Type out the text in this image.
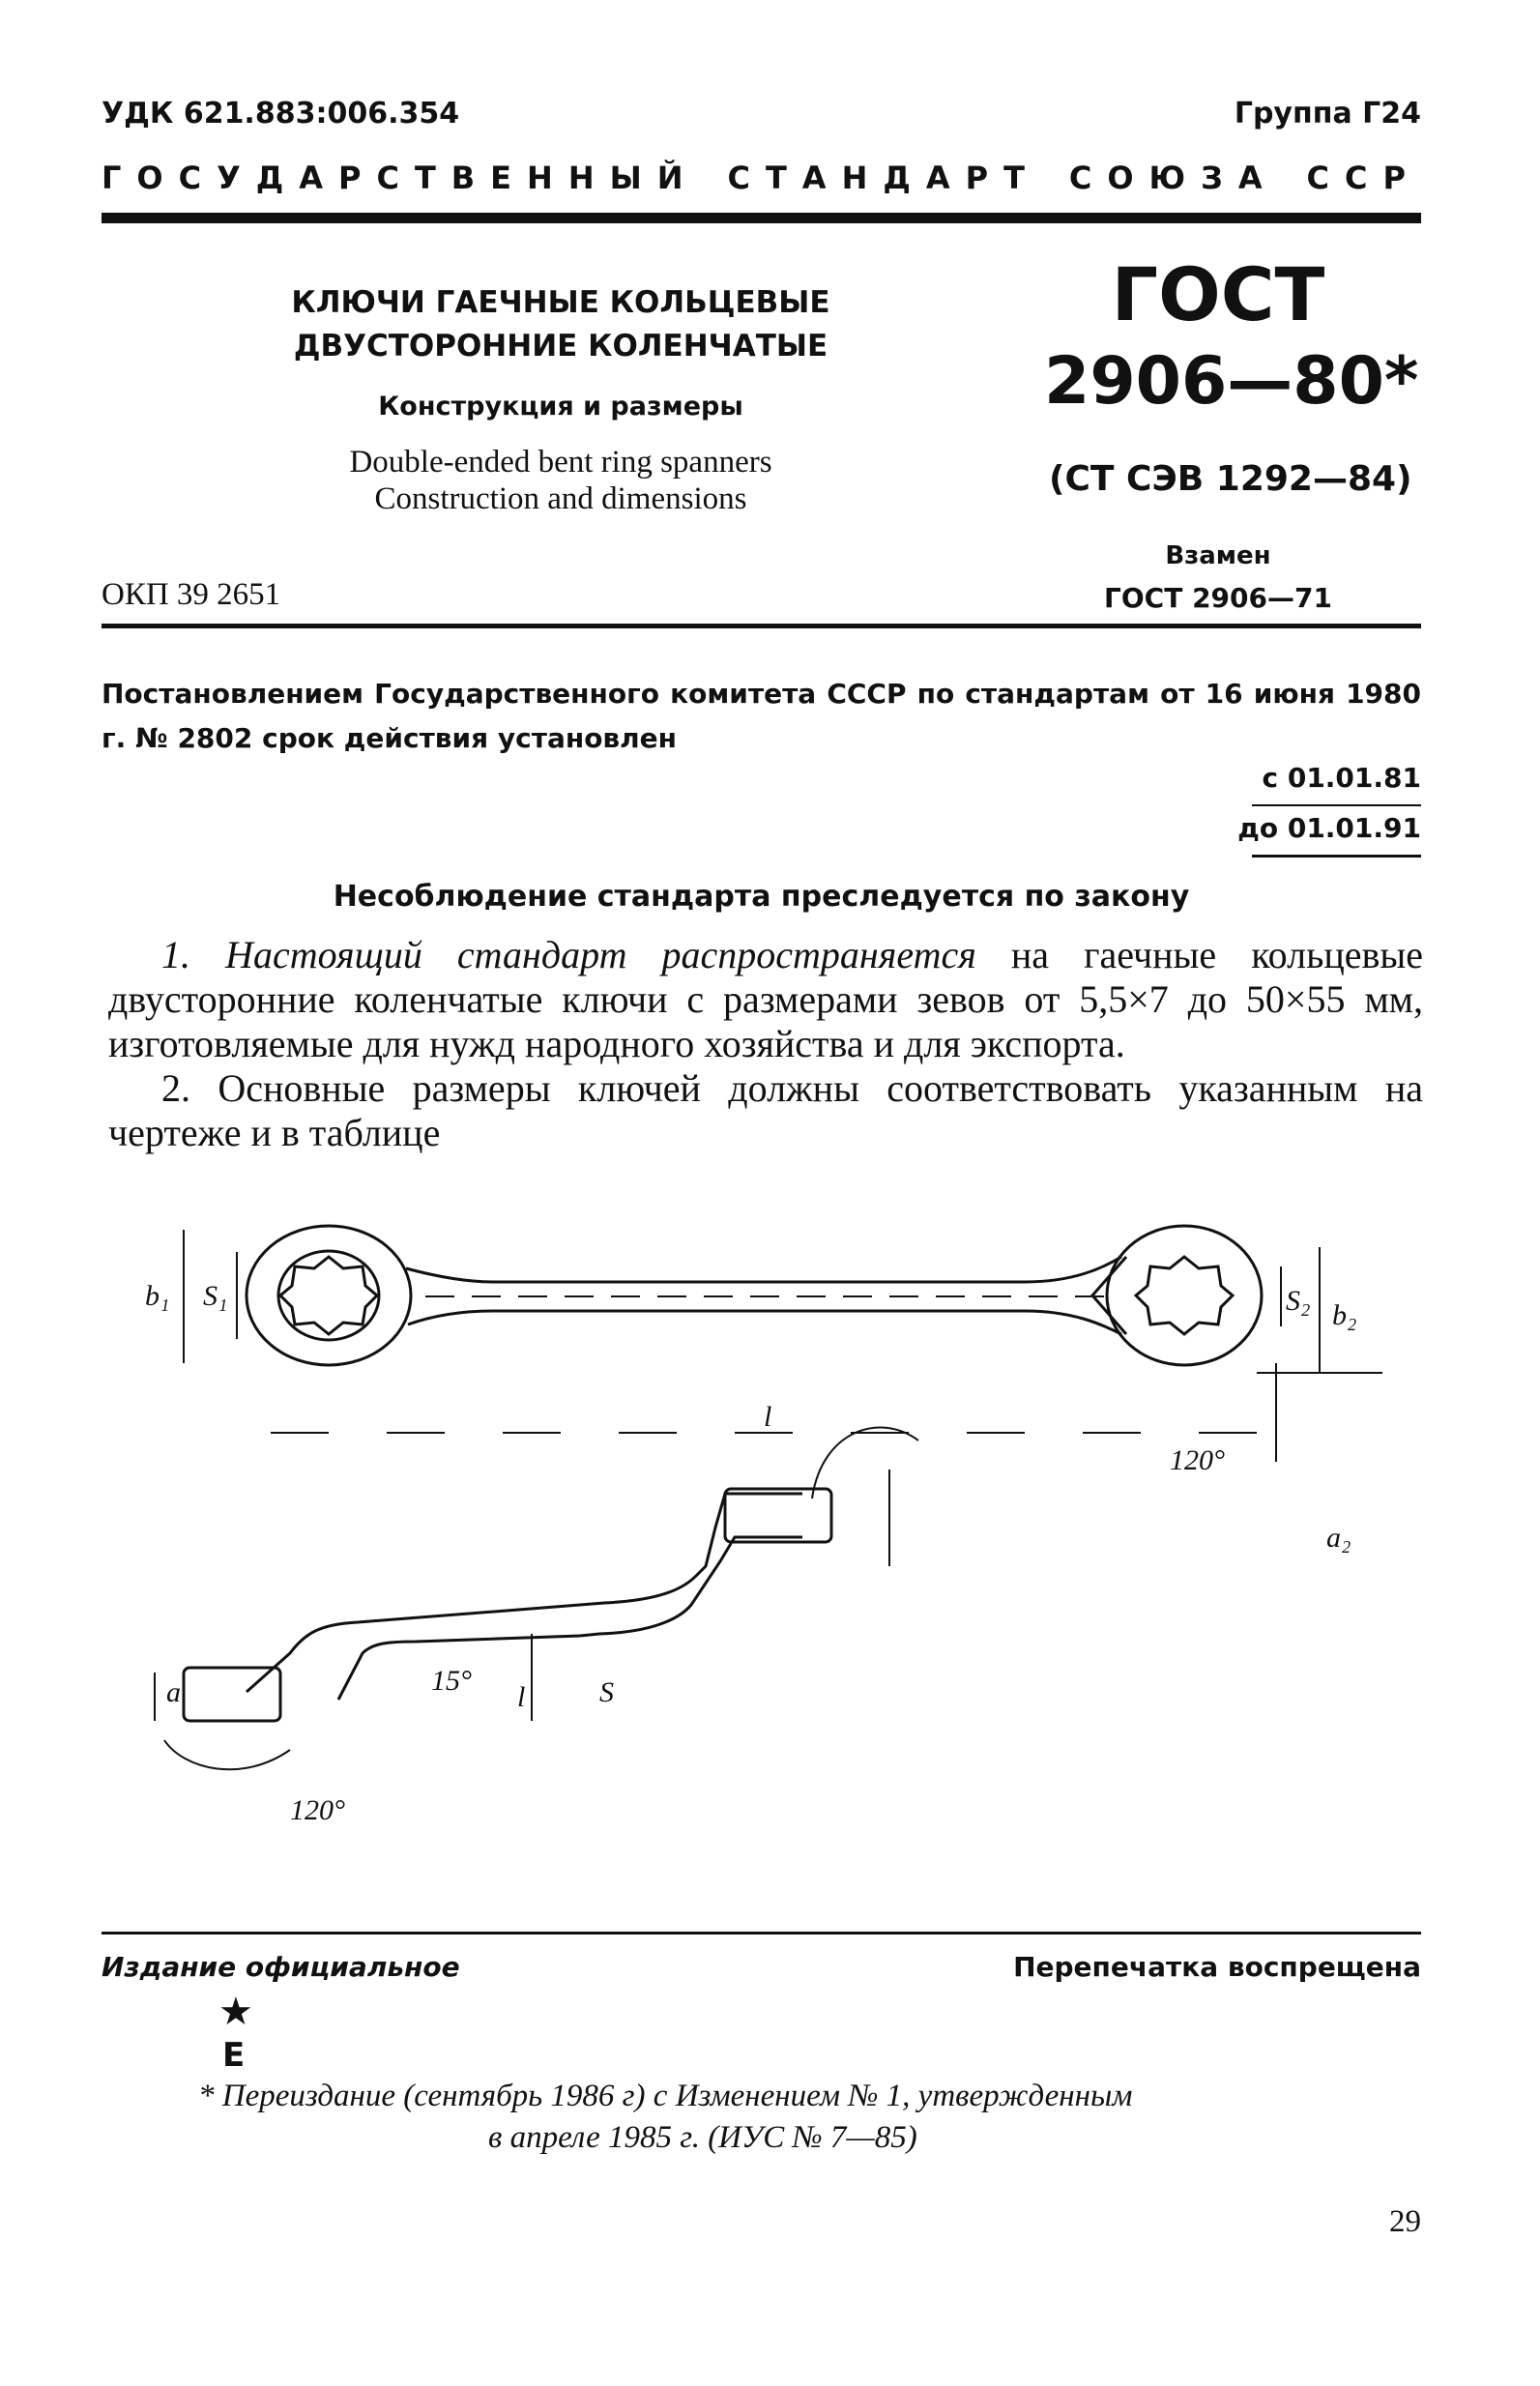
УДК 621.883:006.354	Группа Г24
ГОСУДАРСТВЕННЫЙ СТАНДАРТ СОЮЗА ССР
КЛЮЧИ ГАЕЧНЫЕ КОЛЬЦЕВЫЕ
ДВУСТОРОННИЕ КОЛЕНЧАТЫЕ
Конструкция и размеры
Double-ended bent ring spanners
Construction and dimensions
ОКП 39 2651
ГОСТ
2906—80*
(СТ СЭВ 1292—84)
Взамен
ГОСТ 2906—71
Постановлением Государственного комитета СССР по стандартам от 16 июня 1980 г. № 2802 срок действия установлен
с 01.01.81
до 01.01.91
Несоблюдение стандарта преследуется по закону

1. Настоящий стандарт распространяется на гаечные кольцевые двусторонние коленчатые ключи с размерами зевов от 5,5×7 до 50×55 мм, изготовляемые для нужд народного хозяйства и для экспорта.

2. Основные размеры ключей должны соответствовать указанным на чертеже и в таблице

b₁ S₁	S₂ b₂
l
120°
a₂
a	15°
l	S
120°
Издание официальное	Перепечатка воспрещена
★
Е
* Переиздание (сентябрь 1986 г) с Изменением № 1, утвержденным
в апреле 1985 г. (ИУС № 7—85)
29
